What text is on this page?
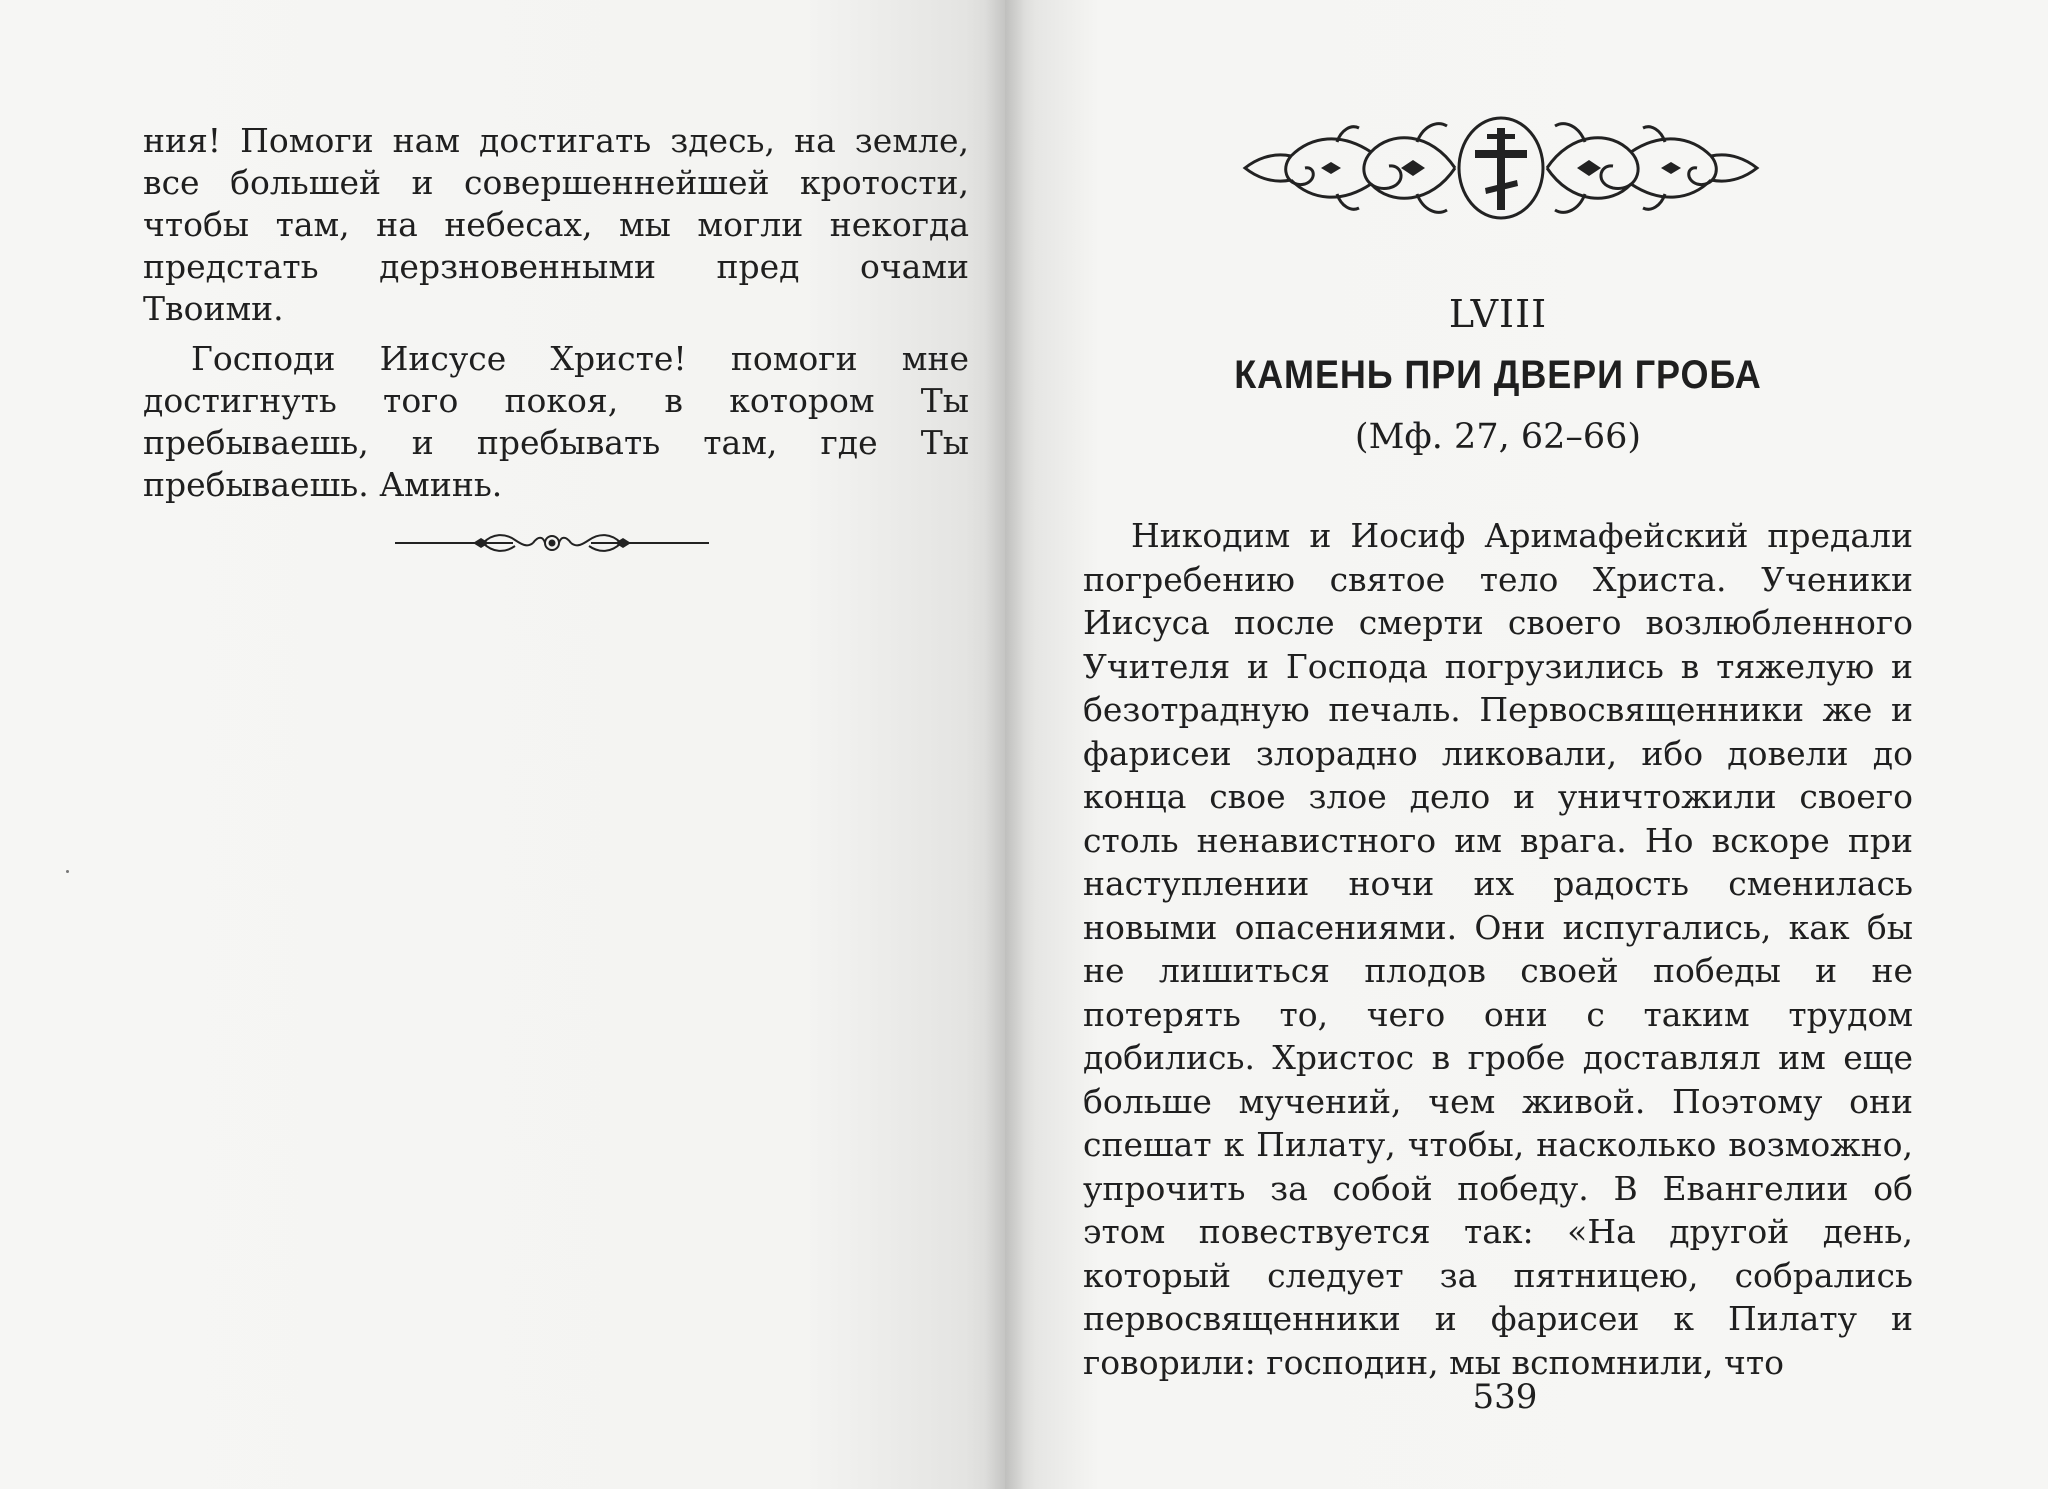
ния! Помоги нам достигать здесь, на земле, все большей и совершеннейшей кротости, чтобы там, на небесах, мы могли некогда предстать дерзновенными пред очами Твоими.

Господи Иисусе Христе! помоги мне достигнуть того покоя, в котором Ты пребываешь, и пребывать там, где Ты пребываешь. Аминь.

LVIII
КАМЕНЬ ПРИ ДВЕРИ ГРОБА
(Мф. 27, 62–66)

Никодим и Иосиф Аримафейский предали погребению святое тело Христа. Ученики Иисуса после смерти своего возлюбленного Учителя и Господа погрузились в тяжелую и безотрадную печаль. Первосвященники же и фарисеи злорадно ликовали, ибо довели до конца свое злое дело и уничтожили своего столь ненавистного им врага. Но вскоре при наступлении ночи их радость сменилась новыми опасениями. Они испугались, как бы не лишиться плодов своей победы и не потерять то, чего они с таким трудом добились. Христос в гробе доставлял им еще больше мучений, чем живой. Поэтому они спешат к Пилату, чтобы, насколько возможно, упрочить за собой победу. В Евангелии об этом повествуется так: «На другой день, который следует за пятницею, собрались первосвященники и фарисеи к Пилату и говорили: господин, мы вспомнили, что

539
